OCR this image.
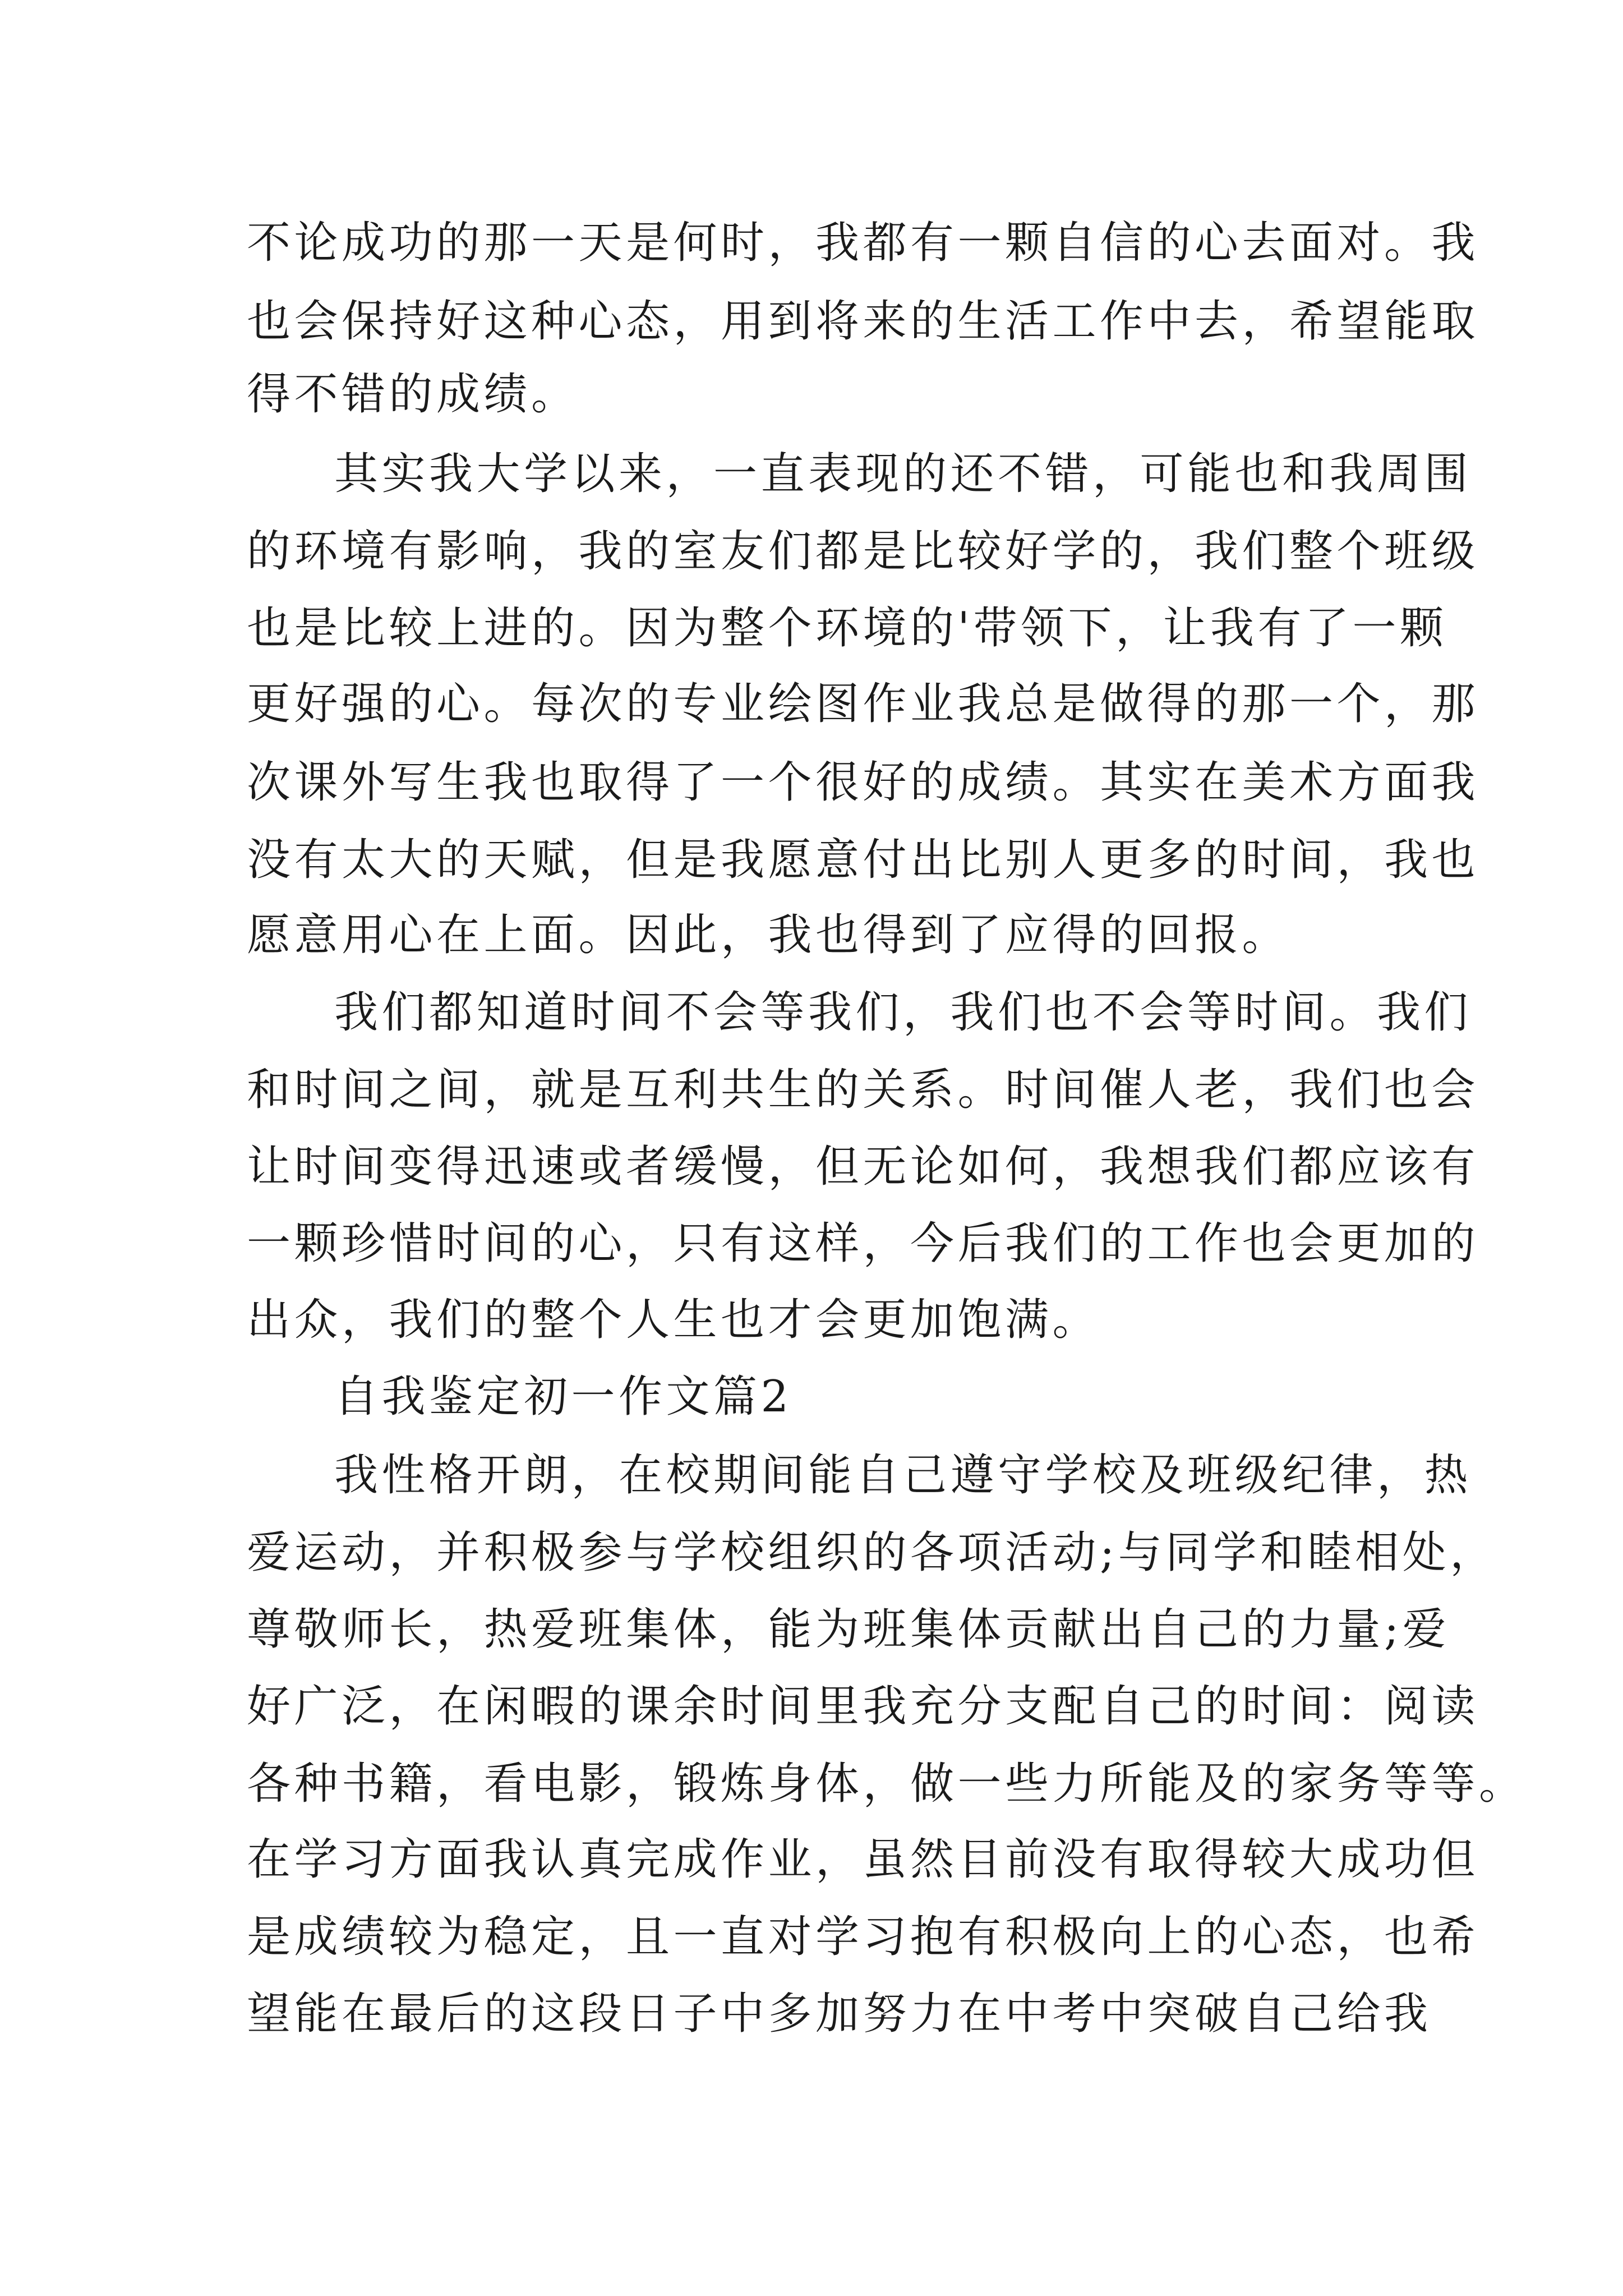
不论成功的那一天是何时，我都有一颗自信的心去面对。我
也会保持好这种心态，用到将来的生活工作中去，希望能取
得不错的成绩。
其实我大学以来，一直表现的还不错，可能也和我周围
的环境有影响，我的室友们都是比较好学的，我们整个班级
也是比较上进的。因为整个环境的'带领下，让我有了一颗
更好强的心。每次的专业绘图作业我总是做得的那一个，那
次课外写生我也取得了一个很好的成绩。其实在美术方面我
没有太大的天赋，但是我愿意付出比别人更多的时间，我也
愿意用心在上面。因此，我也得到了应得的回报。
我们都知道时间不会等我们，我们也不会等时间。我们
和时间之间，就是互利共生的关系。时间催人老，我们也会
让时间变得迅速或者缓慢，但无论如何，我想我们都应该有
一颗珍惜时间的心，只有这样，今后我们的工作也会更加的
出众，我们的整个人生也才会更加饱满。
自我鉴定初一作文篇2
我性格开朗，在校期间能自己遵守学校及班级纪律，热
爱运动，并积极参与学校组织的各项活动;与同学和睦相处，
尊敬师长，热爱班集体，能为班集体贡献出自己的力量;爱
好广泛，在闲暇的课余时间里我充分支配自己的时间：阅读
各种书籍，看电影，锻炼身体，做一些力所能及的家务等等。
在学习方面我认真完成作业，虽然目前没有取得较大成功但
是成绩较为稳定，且一直对学习抱有积极向上的心态，也希
望能在最后的这段日子中多加努力在中考中突破自己给我
